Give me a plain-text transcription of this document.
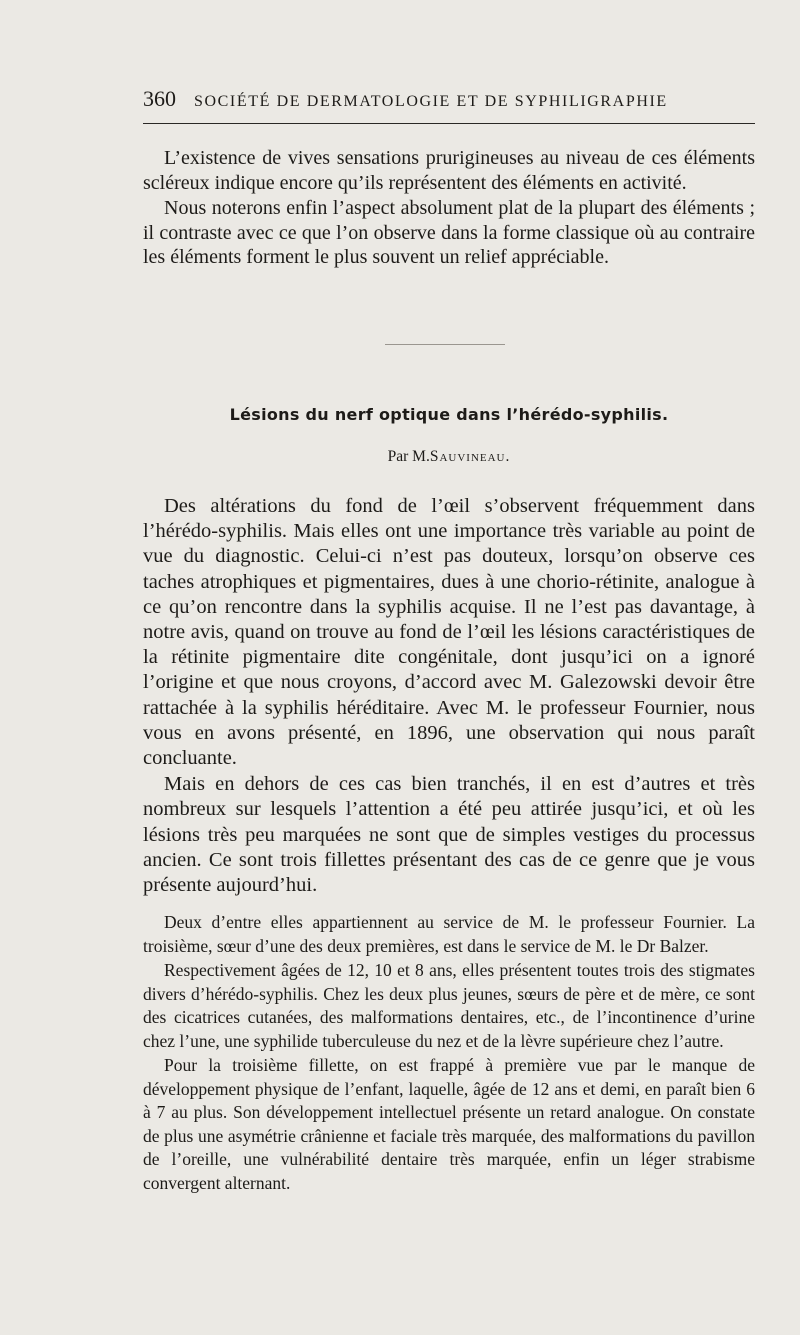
360 SOCIÉTÉ DE DERMATOLOGIE ET DE SYPHILIGRAPHIE

L’existence de vives sensations prurigineuses au niveau de ces éléments scléreux indique encore qu’ils représentent des éléments en activité.

Nous noterons enfin l’aspect absolument plat de la plupart des éléments ; il contraste avec ce que l’on observe dans la forme classique où au contraire les éléments forment le plus souvent un relief appréciable.

Lésions du nerf optique dans l’hérédo-syphilis.
Par M.Sauvineau.

Des altérations du fond de l’œil s’observent fréquemment dans l’hérédo-syphilis. Mais elles ont une importance très variable au point de vue du diagnostic. Celui-ci n’est pas douteux, lorsqu’on observe ces taches atrophiques et pigmentaires, dues à une chorio-rétinite, analogue à ce qu’on rencontre dans la syphilis acquise. Il ne l’est pas davantage, à notre avis, quand on trouve au fond de l’œil les lésions caractéristiques de la rétinite pigmentaire dite congénitale, dont jusqu’ici on a ignoré l’origine et que nous croyons, d’accord avec M. Galezowski devoir être rattachée à la syphilis héréditaire. Avec M. le professeur Fournier, nous vous en avons présenté, en 1896, une observation qui nous paraît concluante.

Mais en dehors de ces cas bien tranchés, il en est d’autres et très nombreux sur lesquels l’attention a été peu attirée jusqu’ici, et où les lésions très peu marquées ne sont que de simples vestiges du processus ancien. Ce sont trois fillettes présentant des cas de ce genre que je vous présente aujourd’hui.

Deux d’entre elles appartiennent au service de M. le professeur Fournier. La troisième, sœur d’une des deux premières, est dans le service de M. le Dr Balzer.

Respectivement âgées de 12, 10 et 8 ans, elles présentent toutes trois des stigmates divers d’hérédo-syphilis. Chez les deux plus jeunes, sœurs de père et de mère, ce sont des cicatrices cutanées, des malformations dentaires, etc., de l’incontinence d’urine chez l’une, une syphilide tuberculeuse du nez et de la lèvre supérieure chez l’autre.

Pour la troisième fillette, on est frappé à première vue par le manque de développement physique de l’enfant, laquelle, âgée de 12 ans et demi, en paraît bien 6 à 7 au plus. Son développement intellectuel présente un retard analogue. On constate de plus une asymétrie crânienne et faciale très marquée, des malformations du pavillon de l’oreille, une vulnérabilité dentaire très marquée, enfin un léger strabisme convergent alternant.
